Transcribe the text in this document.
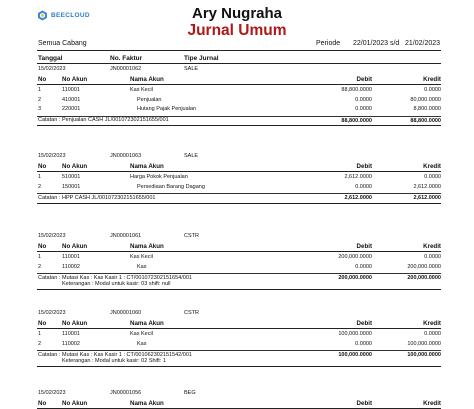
BEECLOUD	Ary Nugraha
Jurnal Umum
Semua Cabang	Periode 22/01/2023 s/d 21/02/2023
Tanggal	No. Faktur	Tipe Jurnal
15/02/2023	JN00001062	SALE
No	No Akun	Nama Akun	Debit	Kredit
1	110001	Kas Kecil	88,800.0000	0.0000
2	410001	Penjualan	0.0000	80,000.0000
3	220001	Hutang Pajak Penjualan	0.0000	8,800.0000
Catatan : Penjualan CASH JL/001072302151655/001	88,800.0000	88,800.0000
15/02/2023	JN00001063	SALE
No	No Akun	Nama Akun	Debit	Kredit
1	510001	Harga Pokok Penjualan	2,612.0000	0.0000
2	150001	Persediaan Barang Dagang	0.0000	2,612.0000
Catatan : HPP CASH JL/001072302151655/001	2,612.0000	2,612.0000
15/02/2023	JN00001061	CSTR
No	No Akun	Nama Akun	Debit	Kredit
1	110001	Kas Kecil	200,000.0000	0.0000
2	110002	Kas	0.0000	200,000.0000
Catatan : Mutasi Kas : Kas Kasir 1 : CT/001072302151654/001
Keterangan : Modal untuk kasir: 03 shift: null
200,000.0000	200,000.0000
15/02/2023	JN00001060	CSTR
No	No Akun	Nama Akun	Debit	Kredit
1	110001	Kas Kecil	100,000.0000	0.0000
2	110002	Kas	0.0000	100,000.0000
Catatan : Mutasi Kas : Kas Kasir 1 : CT/001062302151542/001
Keterangan : Modal untuk kasir: 02 Shift: 1
100,000.0000	100,000.0000
15/02/2023	JN00001056	BEG
No	No Akun	Nama Akun	Debit	Kredit
